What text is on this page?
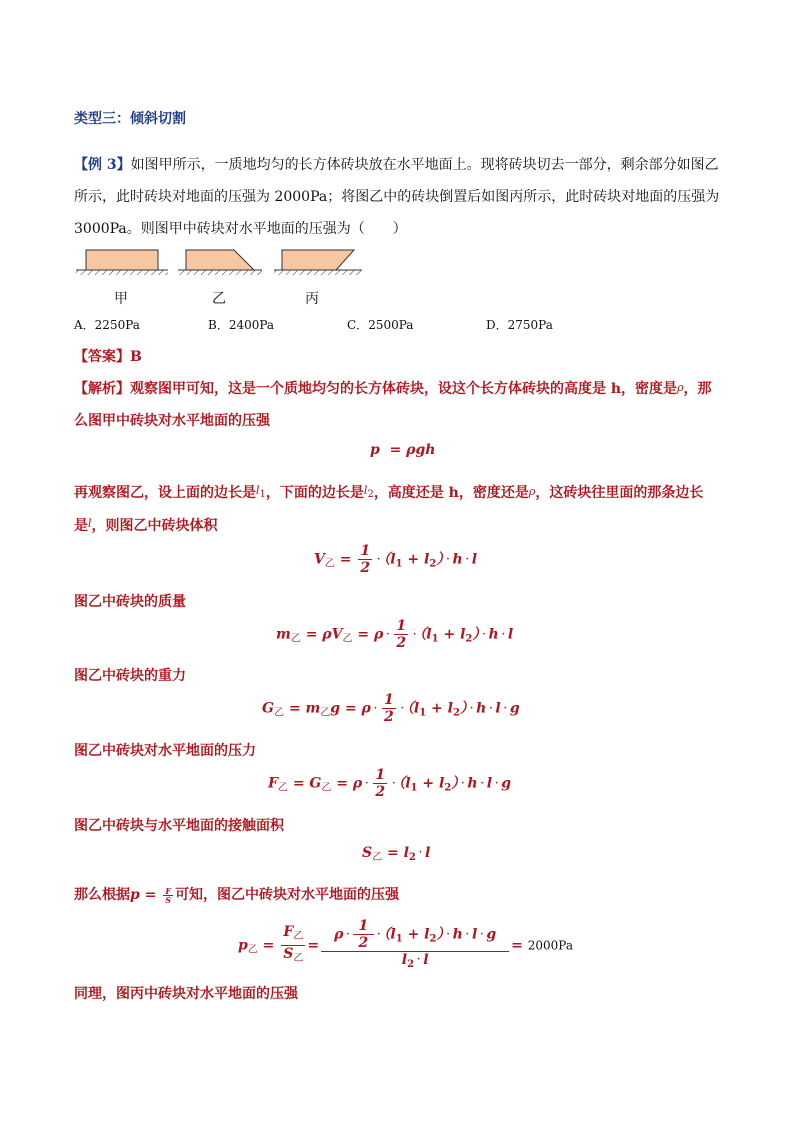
类型三：倾斜切割
【例 3】如图甲所示，一质地均匀的长方体砖块放在水平地面上。现将砖块切去一部分，剩余部分如图乙
所示，此时砖块对地面的压强为 2000Pa；将图乙中的砖块倒置后如图丙所示，此时砖块对地面的压强为
3000Pa。则图甲中砖块对水平地面的压强为（　　）
甲	乙	丙
A．2250Pa	B．2400Pa	C．2500Pa	D．2750Pa
【答案】B
【解析】观察图甲可知，这是一个质地均匀的长方体砖块，设这个长方体砖块的高度是 h，密度是ρ，那
么图甲中砖块对水平地面的压强
p  = ρgh
再观察图乙，设上面的边长是$^{l1}$，下面的边长是$^{l2}$，高度还是 h，密度还是ρ，这砖块往里面的那条边长
是$^l$，则图乙中砖块体积
$V_乙 = \frac{1}{2} \cdot (l_1 + l_2) \cdot h \cdot l$
图乙中砖块的质量
$m_乙 = \rho V_乙 = \rho \cdot \frac{1}{2} \cdot (l_1 + l_2) \cdot h \cdot l$
图乙中砖块的重力
$G_乙 = m_乙g = \rho \cdot \frac{1}{2} \cdot (l_1 + l_2) \cdot h \cdot l \cdot g$
图乙中砖块对水平地面的压力
$F_乙 = G_乙 = \rho \cdot \frac{1}{2} \cdot (l_1 + l_2) \cdot h \cdot l \cdot g$
图乙中砖块与水平地面的接触面积
$S_乙 = l_2 \cdot l$
那么根据$p = \frac{F}{S}$ 可知，图乙中砖块对水平地面的压强
$p_乙 = \frac{F_乙}{S_乙} = \frac{\rho \cdot \frac{1}{2} \cdot (l_1 + l_2) \cdot h \cdot l \cdot g}{l_2 \cdot l} = 2000Pa$
同理，图丙中砖块对水平地面的压强
